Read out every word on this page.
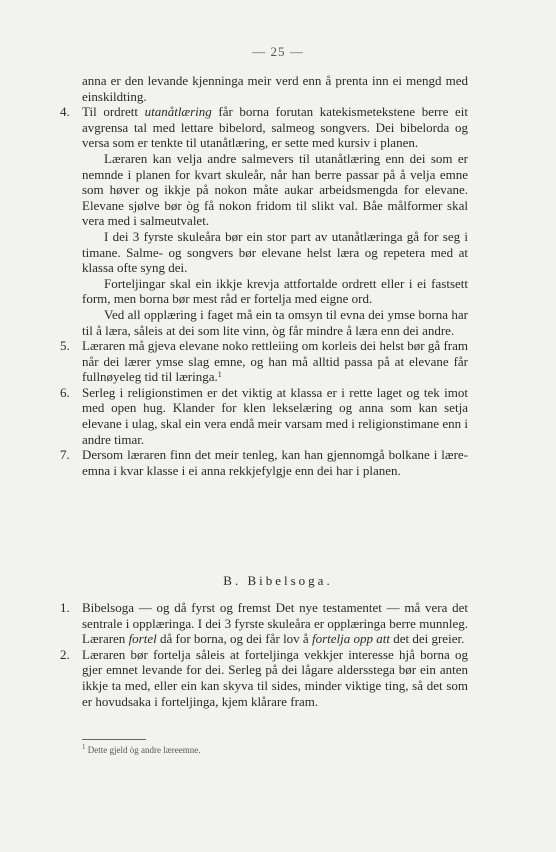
— 25 —

anna er den levande kjenninga meir verd enn å prenta inn ei mengd med einskildting.

4. Til ordrett utanåtlæring får borna forutan katekismetekstene berre eit avgrensa tal med lettare bibelord, salmeog songvers. Dei bibelorda og versa som er tenkte til utanåtlæring, er sette med kursiv i planen.

Læraren kan velja andre salmevers til utanåtlæring enn dei som er nemnde i planen for kvart skuleår, når han berre passar på å velja emne som høver og ikkje på nokon måte aukar arbeidsmengda for elevane. Elevane sjølve bør òg få nokon fridom til slikt val. Båe målformer skal vera med i salmeutvalet.

I dei 3 fyrste skuleåra bør ein stor part av utanåtlæringa gå for seg i timane. Salme- og songvers bør elevane helst læra og repetera med at klassa ofte syng dei.

Forteljingar skal ein ikkje krevja attfortalde ordrett eller i ei fastsett form, men borna bør mest råd er fortelja med eigne ord.

Ved all opplæring i faget må ein ta omsyn til evna dei ymse borna har til å læra, såleis at dei som lite vinn, òg får mindre å læra enn dei andre.

5. Læraren må gjeva elevane noko rettleiing om korleis dei helst bør gå fram når dei lærer ymse slag emne, og han må alltid passa på at elevane får fullnøyeleg tid til læringa.$^1$

6. Serleg i religionstimen er det viktig at klassa er i rette laget og tek imot med open hug. Klander for klen lekselæring og anna som kan setja elevane i ulag, skal ein vera endå meir varsam med i religionstimane enn i andre timar.

7. Dersom læraren finn det meir tenleg, kan han gjennomgå bolkane i lære-emna i kvar klasse i ei anna rekkjefylgje enn dei har i planen.

B. Bibelsoga.

1. Bibelsoga — og då fyrst og fremst Det nye testamentet — må vera det sentrale i opplæringa. I dei 3 fyrste skuleåra er opplæringa berre munnleg. Læraren fortel då for borna, og dei får lov å fortelja opp att det dei greier.

2. Læraren bør fortelja såleis at forteljinga vekkjer interesse hjå borna og gjer emnet levande for dei. Serleg på dei lågare aldersstega bør ein anten ikkje ta med, eller ein kan skyva til sides, minder viktige ting, så det som er hovudsaka i forteljinga, kjem klårare fram.

$^1$ Dette gjeld òg andre læreemne.
